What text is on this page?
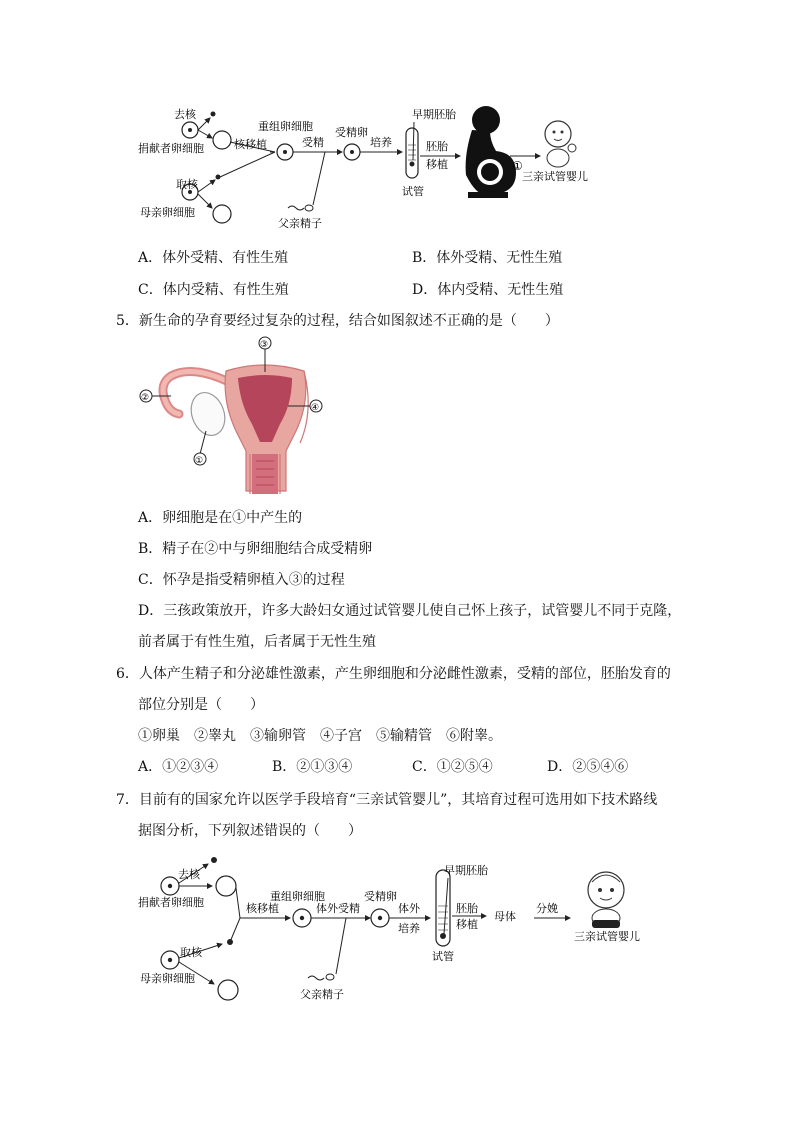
去核
捐献者卵细胞
取核
母亲卵细胞
核移植
重组卵细胞
受精
父亲精子
受精卵
培养
试管
早期胚胎
胚胎
移植	①
三亲试管婴儿
A．体外受精、有性生殖	B．体外受精、无性生殖
C．体内受精、有性生殖	D．体内受精、无性生殖
5．新生命的孕育要经过复杂的过程，结合如图叙述不正确的是（　　）
③
②
①
④
A．卵细胞是在①中产生的
B．精子在②中与卵细胞结合成受精卵
C．怀孕是指受精卵植入③的过程
D．三孩政策放开，许多大龄妇女通过试管婴儿使自己怀上孩子，试管婴儿不同于克隆，
前者属于有性生殖，后者属于无性生殖
6．人体产生精子和分泌雄性激素，产生卵细胞和分泌雌性激素，受精的部位，胚胎发育的
部位分别是（　　）
①卵巢　②睾丸　③输卵管　④子宫　⑤输精管　⑥附睾。
A．①②③④	B．②①③④	C．①②⑤④	D．②⑤④⑥
7．目前有的国家允许以医学手段培育“三亲试管婴儿”，其培育过程可选用如下技术路线
据图分析，下列叙述错误的（　　）
去核
捐献者卵细胞
取核
母亲卵细胞
核移植
重组卵细胞
体外受精
父亲精子
受精卵
体外
培养
试管
早期胚胎
胚胎
移植
母体
分娩
三亲试管婴儿
